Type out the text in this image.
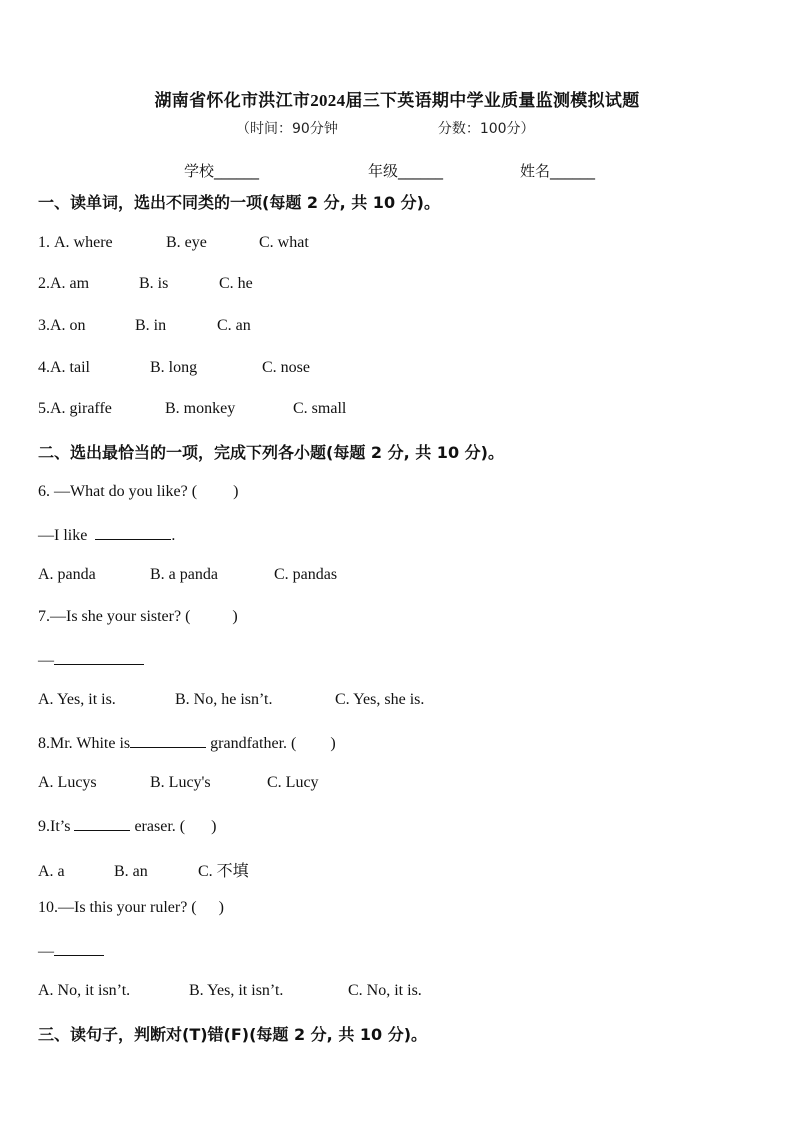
湖南省怀化市洪江市2024届三下英语期中学业质量监测模拟试题
（时间：90分钟	分数：100分）
学校______	年级______	姓名______
一、读单词，选出不同类的一项(每题 2 分, 共 10 分)。
1. A. where	B. eye	C. what
2.A. am	B. is	C. he
3.A. on	B. in	C. an
4.A. tail	B. long	C. nose
5.A. giraffe	B. monkey	C. small
二、选出最恰当的一项，完成下列各小题(每题 2 分, 共 10 分)。
6. —What do you like? ( )
—I like	.
A. panda	B. a panda	C. pandas
7.—Is she your sister? (	)
—
A. Yes, it is.	B. No, he isn’t.	C. Yes, she is.
8.Mr. White is	grandfather. ( )
A. Lucys	B. Lucy's	C. Lucy
9.It’s	eraser. ( )
A. a	B. an	C. 不填
10.—Is this your ruler? ( )
—
A. No, it isn’t.	B. Yes, it isn’t.	C. No, it is.
三、读句子，判断对(T)错(F)(每题 2 分, 共 10 分)。
